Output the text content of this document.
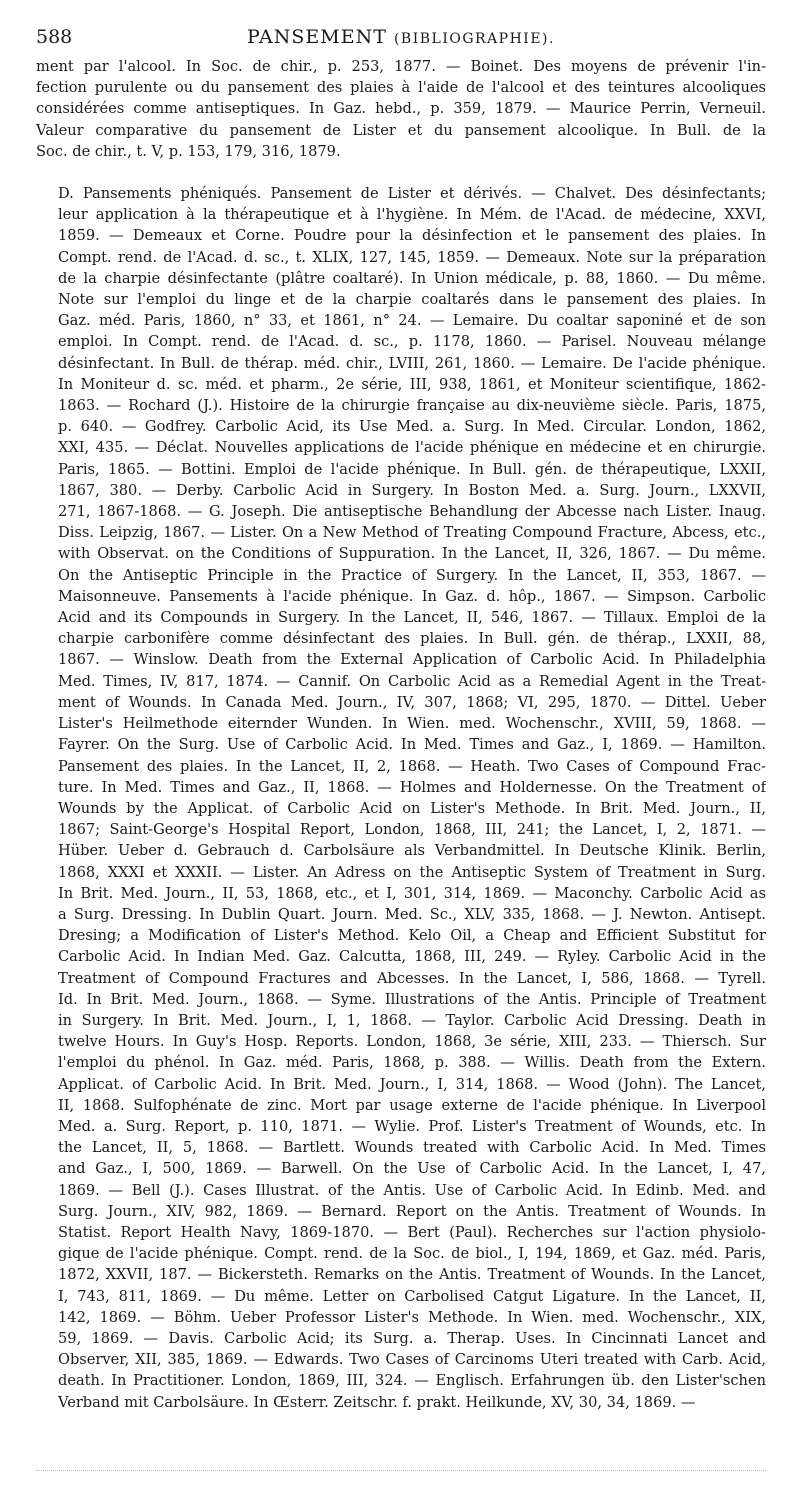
588	PANSEMENT (BIBLIOGRAPHIE).

ment par l'alcool. In Soc. de chir., p. 253, 1877. — Boinet. Des moyens de prévenir l'in-
fection purulente ou du pansement des plaies à l'aide de l'alcool et des teintures alcooliques
considérées comme antiseptiques. In Gaz. hebd., p. 359, 1879. — Maurice Perrin, Verneuil.
Valeur comparative du pansement de Lister et du pansement alcoolique. In Bull. de la
Soc. de chir., t. V, p. 153, 179, 316, 1879.

D. Pansements phéniqués. Pansement de Lister et dérivés. — Chalvet. Des désinfectants;
leur application à la thérapeutique et à l'hygiène. In Mém. de l'Acad. de médecine, XXVI,
1859. — Demeaux et Corne. Poudre pour la désinfection et le pansement des plaies. In
Compt. rend. de l'Acad. d. sc., t. XLIX, 127, 145, 1859. — Demeaux. Note sur la préparation
de la charpie désinfectante (plâtre coaltaré). In Union médicale, p. 88, 1860. — Du même.
Note sur l'emploi du linge et de la charpie coaltarés dans le pansement des plaies. In
Gaz. méd. Paris, 1860, n° 33, et 1861, n° 24. — Lemaire. Du coaltar saponiné et de son
emploi. In Compt. rend. de l'Acad. d. sc., p. 1178, 1860. — Parisel. Nouveau mélange
désinfectant. In Bull. de thérap. méd. chir., LVIII, 261, 1860. — Lemaire. De l'acide phénique.
In Moniteur d. sc. méd. et pharm., 2e série, III, 938, 1861, et Moniteur scientifique, 1862-
1863. — Rochard (J.). Histoire de la chirurgie française au dix-neuvième siècle. Paris, 1875,
p. 640. — Godfrey. Carbolic Acid, its Use Med. a. Surg. In Med. Circular. London, 1862,
XXI, 435. — Déclat. Nouvelles applications de l'acide phénique en médecine et en chirurgie.
Paris, 1865. — Bottini. Emploi de l'acide phénique. In Bull. gén. de thérapeutique, LXXII,
1867, 380. — Derby. Carbolic Acid in Surgery. In Boston Med. a. Surg. Journ., LXXVII,
271, 1867-1868. — G. Joseph. Die antiseptische Behandlung der Abcesse nach Lister. Inaug.
Diss. Leipzig, 1867. — Lister. On a New Method of Treating Compound Fracture, Abcess, etc.,
with Observat. on the Conditions of Suppuration. In the Lancet, II, 326, 1867. — Du même.
On the Antiseptic Principle in the Practice of Surgery. In the Lancet, II, 353, 1867. —
Maisonneuve. Pansements à l'acide phénique. In Gaz. d. hôp., 1867. — Simpson. Carbolic
Acid and its Compounds in Surgery. In the Lancet, II, 546, 1867. — Tillaux. Emploi de la
charpie carbonifère comme désinfectant des plaies. In Bull. gén. de thérap., LXXII, 88,
1867. — Winslow. Death from the External Application of Carbolic Acid. In Philadelphia
Med. Times, IV, 817, 1874. — Cannif. On Carbolic Acid as a Remedial Agent in the Treat-
ment of Wounds. In Canada Med. Journ., IV, 307, 1868; VI, 295, 1870. — Dittel. Ueber
Lister's Heilmethode eiternder Wunden. In Wien. med. Wochenschr., XVIII, 59, 1868. —
Fayrer. On the Surg. Use of Carbolic Acid. In Med. Times and Gaz., I, 1869. — Hamilton.
Pansement des plaies. In the Lancet, II, 2, 1868. — Heath. Two Cases of Compound Frac-
ture. In Med. Times and Gaz., II, 1868. — Holmes and Holdernesse. On the Treatment of
Wounds by the Applicat. of Carbolic Acid on Lister's Methode. In Brit. Med. Journ., II,
1867; Saint-George's Hospital Report, London, 1868, III, 241; the Lancet, I, 2, 1871. —
Hüber. Ueber d. Gebrauch d. Carbolsäure als Verbandmittel. In Deutsche Klinik. Berlin,
1868, XXXI et XXXII. — Lister. An Adress on the Antiseptic System of Treatment in Surg.
In Brit. Med. Journ., II, 53, 1868, etc., et I, 301, 314, 1869. — Maconchy. Carbolic Acid as
a Surg. Dressing. In Dublin Quart. Journ. Med. Sc., XLV, 335, 1868. — J. Newton. Antisept.
Dresing; a Modification of Lister's Method. Kelo Oil, a Cheap and Efficient Substitut for
Carbolic Acid. In Indian Med. Gaz. Calcutta, 1868, III, 249. — Ryley. Carbolic Acid in the
Treatment of Compound Fractures and Abcesses. In the Lancet, I, 586, 1868. — Tyrell.
Id. In Brit. Med. Journ., 1868. — Syme. Illustrations of the Antis. Principle of Treatment
in Surgery. In Brit. Med. Journ., I, 1, 1868. — Taylor. Carbolic Acid Dressing. Death in
twelve Hours. In Guy's Hosp. Reports. London, 1868, 3e série, XIII, 233. — Thiersch. Sur
l'emploi du phénol. In Gaz. méd. Paris, 1868, p. 388. — Willis. Death from the Extern.
Applicat. of Carbolic Acid. In Brit. Med. Journ., I, 314, 1868. — Wood (John). The Lancet,
II, 1868. Sulfophénate de zinc. Mort par usage externe de l'acide phénique. In Liverpool
Med. a. Surg. Report, p. 110, 1871. — Wylie. Prof. Lister's Treatment of Wounds, etc. In
the Lancet, II, 5, 1868. — Bartlett. Wounds treated with Carbolic Acid. In Med. Times
and Gaz., I, 500, 1869. — Barwell. On the Use of Carbolic Acid. In the Lancet, I, 47,
1869. — Bell (J.). Cases Illustrat. of the Antis. Use of Carbolic Acid. In Edinb. Med. and
Surg. Journ., XIV, 982, 1869. — Bernard. Report on the Antis. Treatment of Wounds. In
Statist. Report Health Navy, 1869-1870. — Bert (Paul). Recherches sur l'action physiolo-
gique de l'acide phénique. Compt. rend. de la Soc. de biol., I, 194, 1869, et Gaz. méd. Paris,
1872, XXVII, 187. — Bickersteth. Remarks on the Antis. Treatment of Wounds. In the Lancet,
I, 743, 811, 1869. — Du même. Letter on Carbolised Catgut Ligature. In the Lancet, II,
142, 1869. — Böhm. Ueber Professor Lister's Methode. In Wien. med. Wochenschr., XIX,
59, 1869. — Davis. Carbolic Acid; its Surg. a. Therap. Uses. In Cincinnati Lancet and
Observer, XII, 385, 1869. — Edwards. Two Cases of Carcinoms Uteri treated with Carb. Acid,
death. In Practitioner. London, 1869, III, 324. — Englisch. Erfahrungen üb. den Lister'schen
Verband mit Carbolsäure. In Œsterr. Zeitschr. f. prakt. Heilkunde, XV, 30, 34, 1869. —
